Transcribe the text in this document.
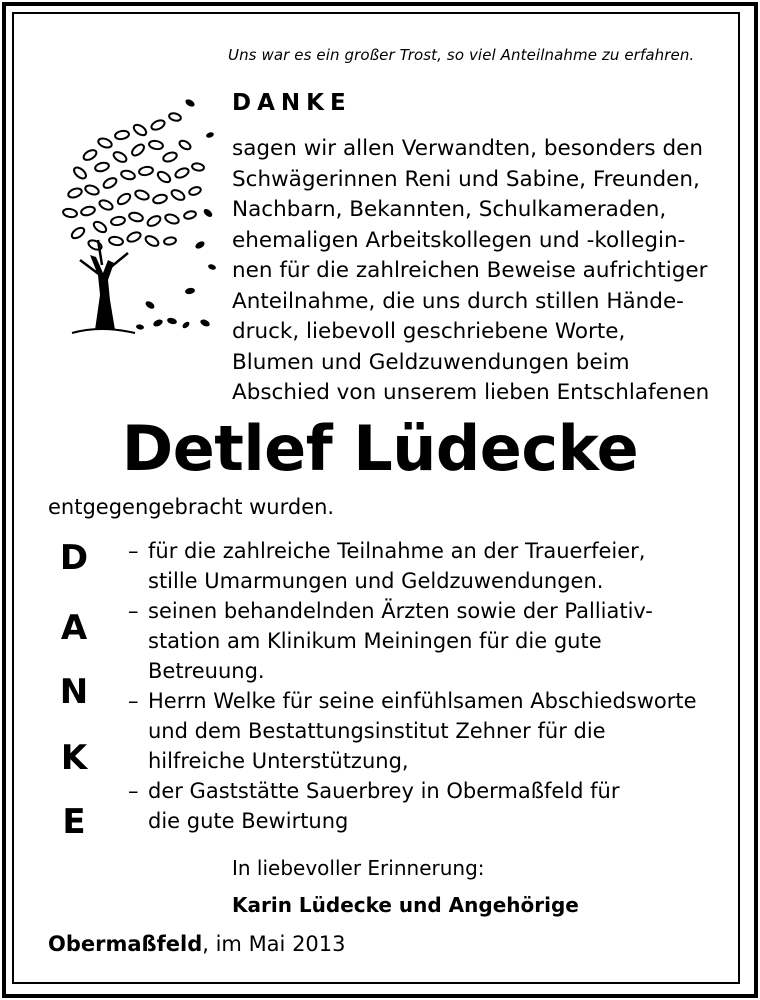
Uns war es ein großer Trost, so viel Anteilnahme zu erfahren.
DANKE
sagen wir allen Verwandten, besonders den
Schwägerinnen Reni und Sabine, Freunden,
Nachbarn, Bekannten, Schulkameraden,
ehemaligen Arbeitskollegen und -kollegin-
nen für die zahlreichen Beweise aufrichtiger
Anteilnahme, die uns durch stillen Hände-
druck, liebevoll geschriebene Worte,
Blumen und Geldzuwendungen beim
Abschied von unserem lieben Entschlafenen
Detlef Lüdecke
entgegengebracht wurden.
D
A
N
K
E
– für die zahlreiche Teilnahme an der Trauerfeier,
stille Umarmungen und Geldzuwendungen.
– seinen behandelnden Ärzten sowie der Palliativ-
station am Klinikum Meiningen für die gute
Betreuung.
– Herrn Welke für seine einfühlsamen Abschiedsworte
und dem Bestattungsinstitut Zehner für die
hilfreiche Unterstützung,
– der Gaststätte Sauerbrey in Obermaßfeld für
die gute Bewirtung
In liebevoller Erinnerung:
Karin Lüdecke und Angehörige
Obermaßfeld, im Mai 2013
